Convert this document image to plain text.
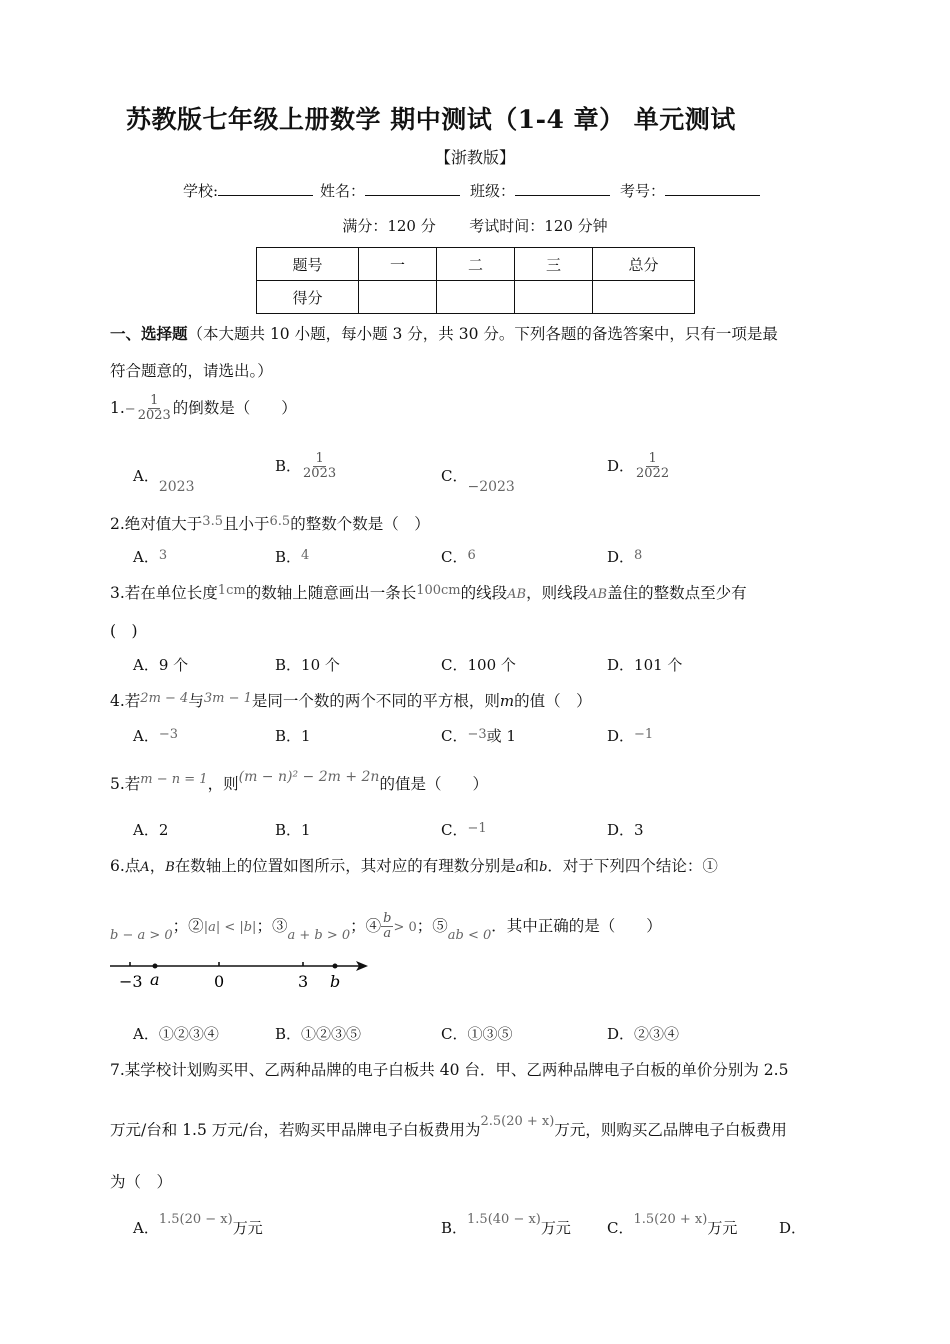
苏教版七年级上册数学 期中测试（1-4 章） 单元测试
【浙教版】
学校:	姓名：	班级：	考号：
满分：120 分 考试时间：120 分钟
题号	一	二	三	总分
得分				
一、选择题（本大题共 10 小题，每小题 3 分，共 30 分。下列各题的备选答案中，只有一项是最
符合题意的，请选出。）
$1.- \frac{1}{2023}$ 的倒数是（　　）
A．2023
B． $\frac{1}{2023}$	C．−2023
D． $\frac{1}{2022}$
2.绝对值大于$^{3.5}$且小于$^{6.5}$的整数个数是（　）
A．3	B．4	C．6	D．8
3.若在单位长度$^{1cm}$的数轴上随意画出一条长$^{100cm}$的线段AB，则线段AB盖住的整数点至少有
(　)
A．9 个	B．10 个	C．100 个	D．101 个
4.若$^{2m - 4}$与$^{3m - 1}$是同一个数的两个不同的平方根，则m的值（　）
A．−3	B．1	C．−3或 1	D．−1
5.若$^{m - n = 1}$，则(m − n)² − 2m + 2n的值是（　　）
A．2	B．1	C．−1	D．3
6.点A，B在数轴上的位置如图所示，其对应的有理数分别是a和b．对于下列四个结论：①
$_{b - a > 0}$；②|a| < |b|；$③_{a + b > 0}$；④ $\frac{b}{a} > 0$；$⑤_{ab < 0}$．其中正确的是（　　）
−3 a	0	3 b
A．①②③④	B．①②③⑤	C．①③⑤	D．②③④
7.某学校计划购买甲、乙两种品牌的电子白板共 40 台．甲、乙两种品牌电子白板的单价分别为 2.5
万元/台和 1.5 万元/台，若购买甲品牌电子白板费用为$^{2.5(20 + x)}$万元，则购买乙品牌电子白板费用
为（　）
A．1.5(20 − x)万元	B．1.5(40 − x)万元 C．1.5(20 + x)万元	D．
